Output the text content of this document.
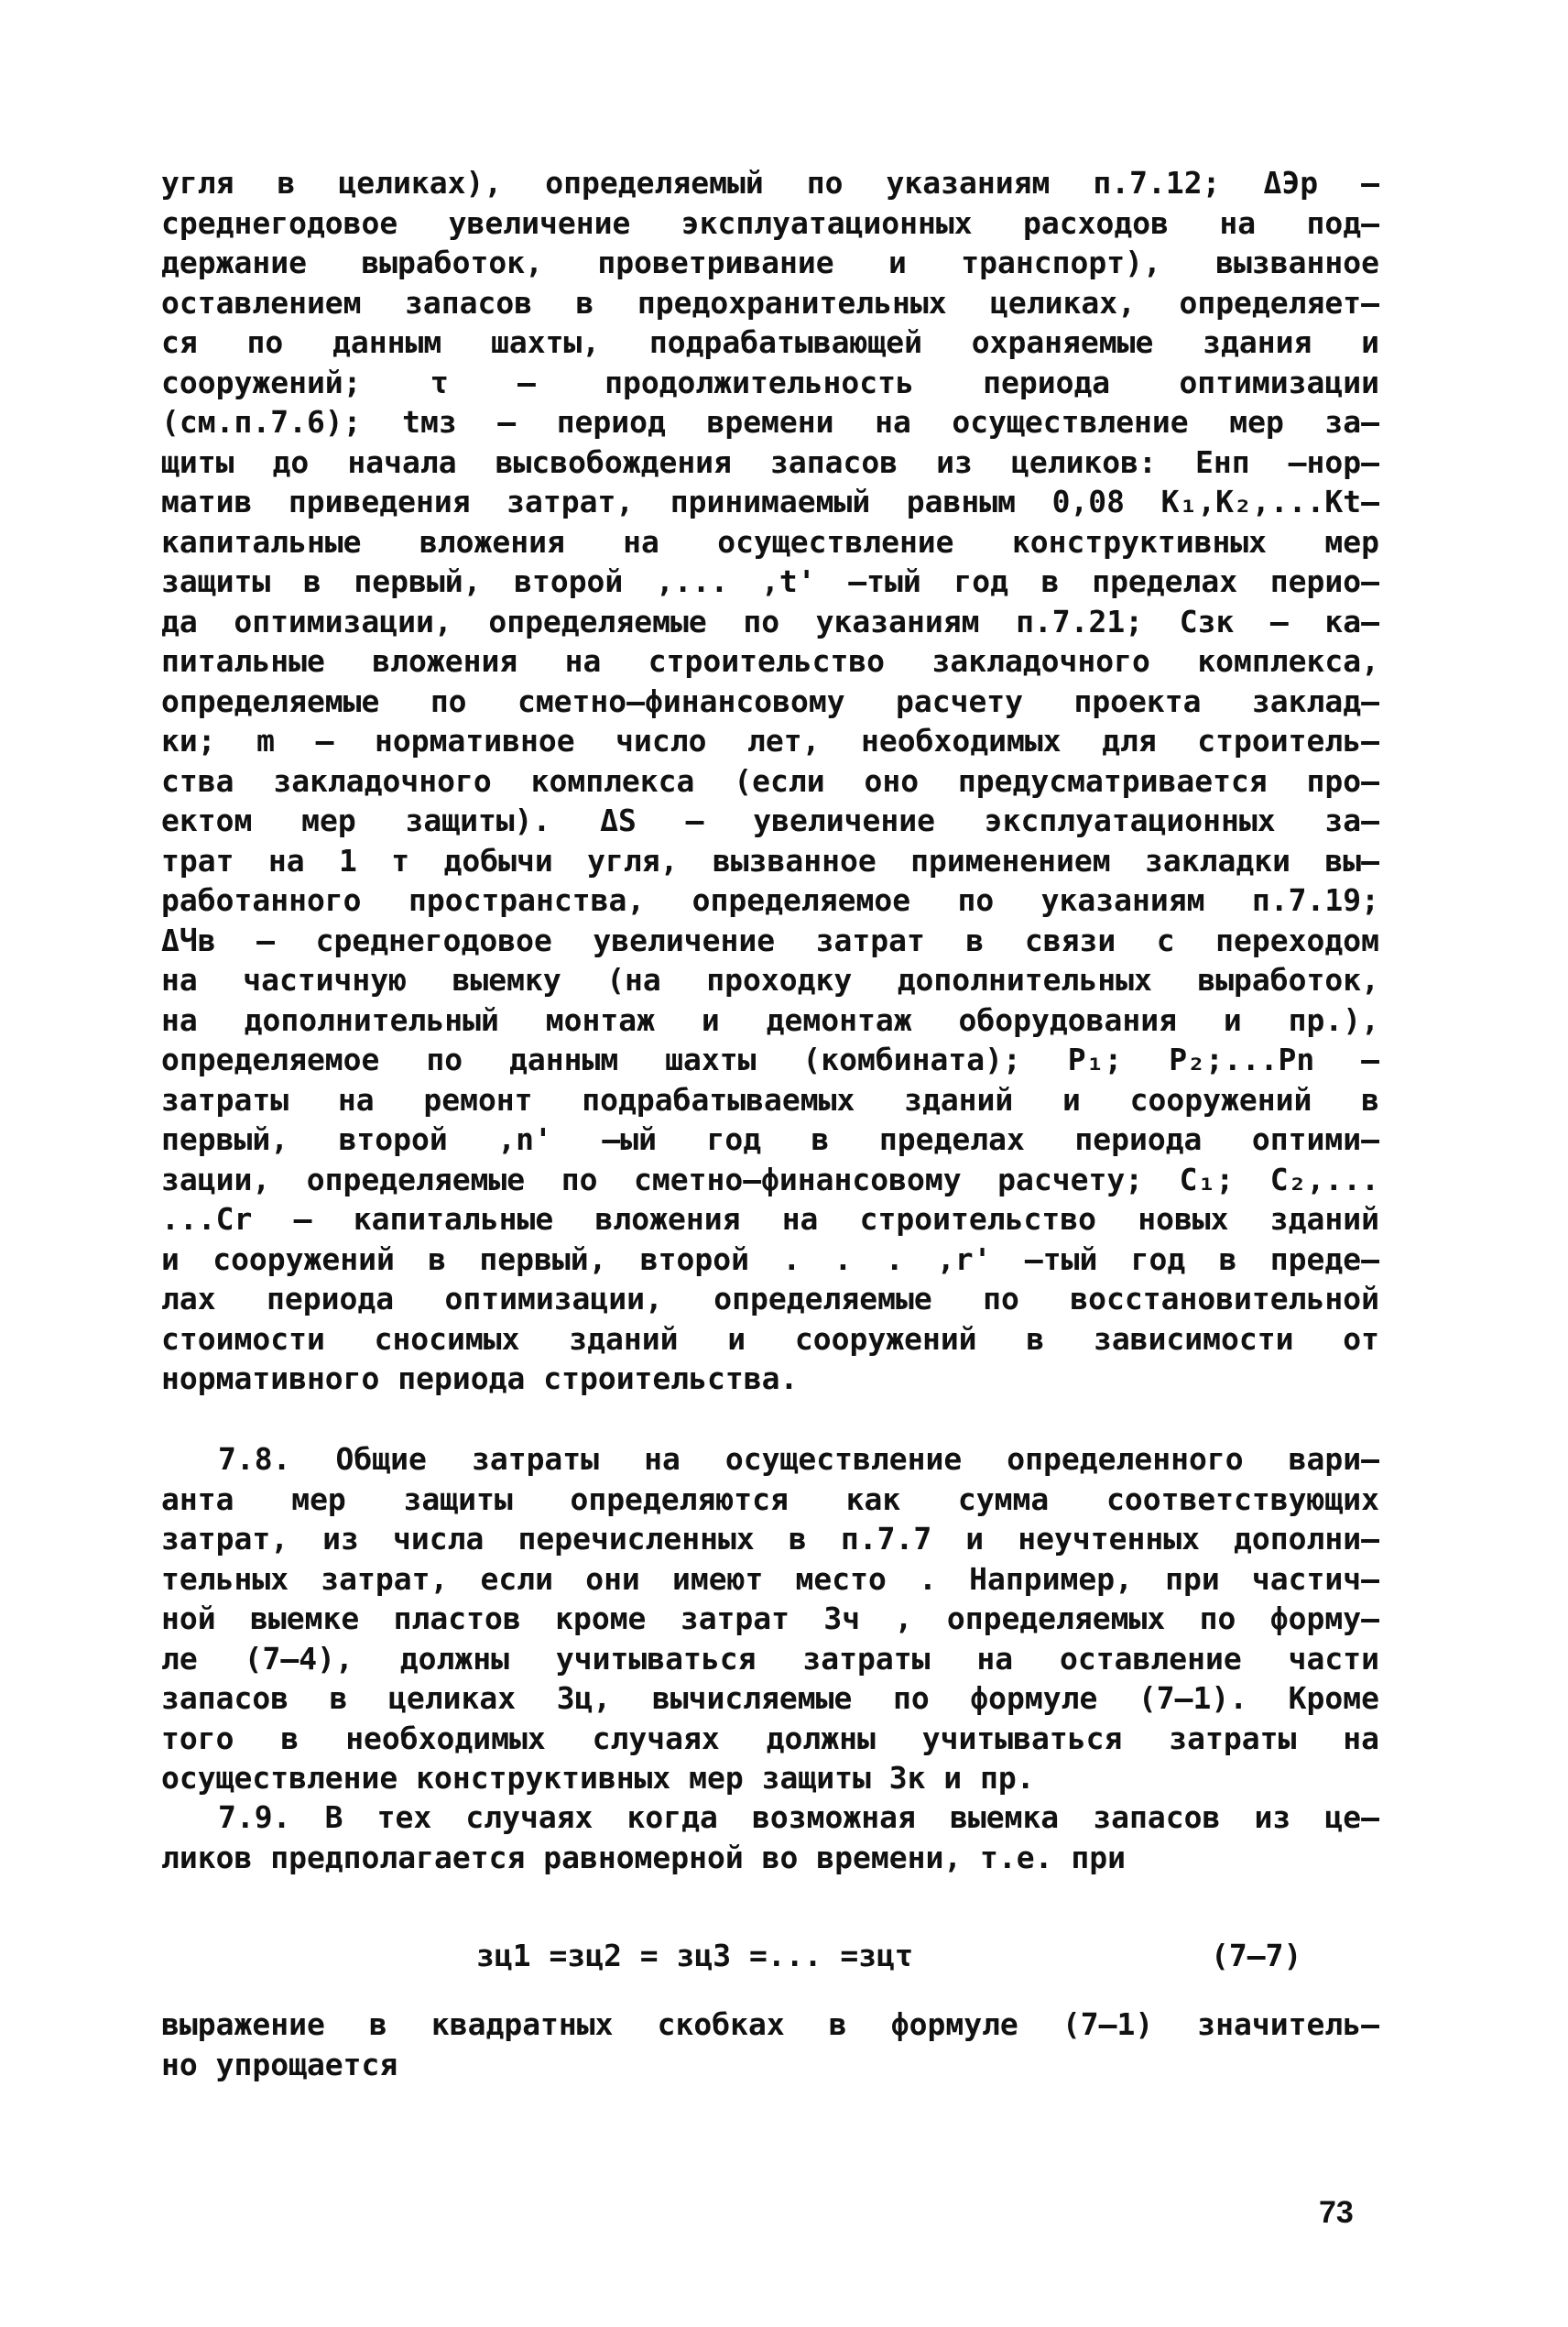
угля в целиках), определяемый по указаниям п.7.12; ΔЭр –
среднегодовое увеличение эксплуатационных расходов на под–
держание выработок, проветривание и транспорт), вызванное
оставлением запасов в предохранительных целиках, определяет–
ся по данным шахты, подрабатывающей охраняемые здания и
сооружений; τ – продолжительность периода оптимизации
(см.п.7.6); tмз – период времени на осуществление мер за–
щиты до начала высвобождения запасов из целиков: Енп –нор–
матив приведения затрат, принимаемый равным 0,08 К₁,К₂,...Кt–
капитальные вложения на осуществление конструктивных мер
защиты в первый, второй ,... ,t' –тый год в пределах перио–
да оптимизации, определяемые по указаниям п.7.21; Сзк – ка–
питальные вложения на строительство закладочного комплекса,
определяемые по сметно–финансовому расчету проекта заклад–
ки; m – нормативное число лет, необходимых для строитель–
ства закладочного комплекса (если оно предусматривается про–
ектом мер защиты). ΔS – увеличение эксплуатационных за–
трат на 1 т добычи угля, вызванное применением закладки вы–
работанного пространства, определяемое по указаниям п.7.19;
ΔЧв – среднегодовое увеличение затрат в связи с переходом
на частичную выемку (на проходку дополнительных выработок,
на дополнительный монтаж и демонтаж оборудования и пр.),
определяемое по данным шахты (комбината); Р₁; Р₂;...Рn –
затраты на ремонт подрабатываемых зданий и сооружений в
первый, второй ,n' –ый год в пределах периода оптими–
зации, определяемые по сметно–финансовому расчету; С₁; С₂,...
...Сr – капитальные вложения на строительство новых зданий
и сооружений в первый, второй . . . ,r' –тый год в преде–
лах периода оптимизации, определяемые по восстановительной
стоимости сносимых зданий и сооружений в зависимости от
нормативного периода строительства.
7.8. Общие затраты на осуществление определенного вари–
анта мер защиты определяются как сумма соответствующих
затрат, из числа перечисленных в п.7.7 и неучтенных дополни–
тельных затрат, если они имеют место . Например, при частич–
ной выемке пластов кроме затрат Зч , определяемых по форму–
ле (7–4), должны учитываться затраты на оставление части
запасов в целиках Зц, вычисляемые по формуле (7–1). Кроме
того в необходимых случаях должны учитываться затраты на
осуществление конструктивных мер защиты Зк и пр.
7.9. В тех случаях когда возможная выемка запасов из це–
ликов предполагается равномерной во времени, т.е. при
зц1 =зц2 = зц3 =... =зцτ	(7–7)
выражение в квадратных скобках в формуле (7–1) значитель–
но упрощается
73
